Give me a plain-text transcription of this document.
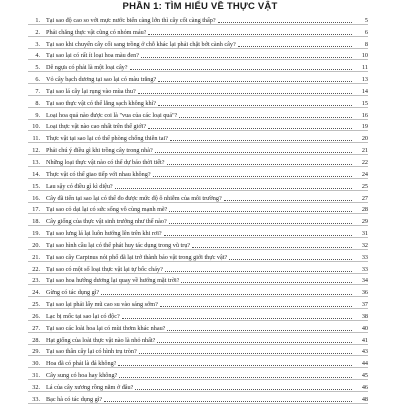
PHẦN 1: TÌM HIỂU VỀ THỰC VẬT
1. Tại sao độ cao so với mực nước biển càng lớn thì cây cối càng thấp?	5
2. Phải chăng thực vật cũng có nhóm máu?	6
3. Tại sao khi chuyển cây cối sang trồng ở chỗ khác lại phải chặt bớt cành cây?	8
4. Tại sao lại có rất ít loại hoa màu đen?	10
5. Dê ngựa có phải là một loại cây?	11
6. Vỏ cây bạch dương tại sao lại có màu trắng?	13
7. Tại sao lá cây lại rụng vào mùa thu?	14
8. Tại sao thực vật có thể lắng sạch không khí?	15
9. Loại hoa quả nào được coi là "vua của các loại quả"?	16
10. Loại thực vật nào cao nhất trên thế giới?	19
11. Thực vật tại sao lại có thể phòng chống thiên tai?	20
12. Phải chú ý điều gì khi trồng cây trong nhà?	21
13. Những loại thực vật nào có thể dự báo thời tiết?	22
14. Thực vật có thể giao tiếp với nhau không?	24
15. Lau sậy có điều gì kì diệu?	25
16. Cây đã tiến tại sao lại có thể đo được mức độ ô nhiễm của môi trường?	27
17. Tại sao cỏ dại lại có sức sống vô cùng mạnh mẽ?	28
18. Cây giống của thực vật sinh trưởng như thế nào?	29
19. Tại sao lưng lá lại luôn hướng lên trên khi rơi?	31
20. Tại sao hình cầu lại có thể phát huy tác dụng trong vũ trụ?	32
21. Tại sao cây Carpinus nói phổ đã lại trở thành báo vật trong giới thực vật?	33
22. Tại sao có một số loại thực vật lại tự bốc cháy?	33
23. Tại sao hoa hướng dương lại quay về hướng mặt trời?	34
24. Gừng có tác dụng gì?	36
25. Tại sao lại phải lấy mũ cao su vào sáng sớm?	37
26. Lạc bị mốc tại sao lại có độc?	38
27. Tại sao các loài hoa lại có mùi thơm khác nhau?	40
28. Hạt giống của loài thực vật nào là nhỏ nhất?	41
29. Tại sao thân cây lại có hình trụ tròn?	43
30. Hoa đã có phải là đá không?	44
31. Cây sung có hoa hay không?	45
32. Lá của cây xương rồng nằm ở đâu?	46
33. Bạc hà có tác dụng gì?	48
